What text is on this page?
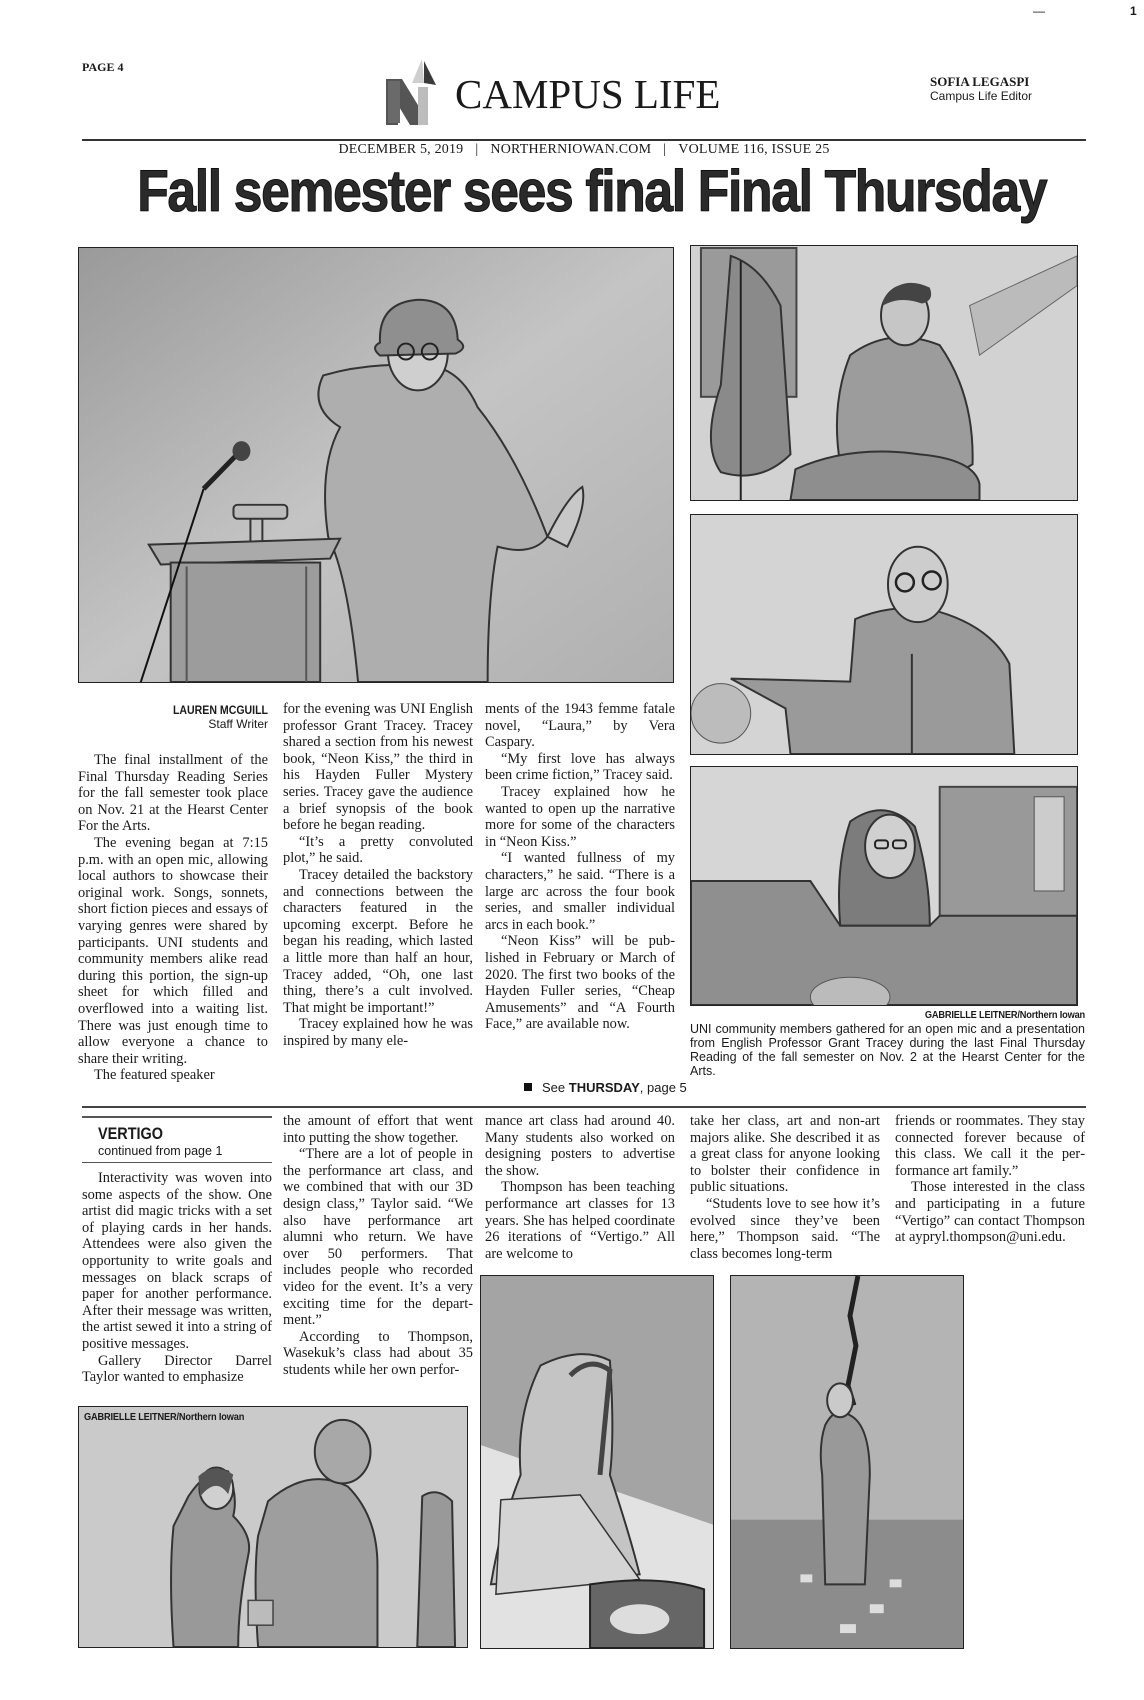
—	1
PAGE 4
CAMPUS LIFE	SOFIA LEGASPI
Campus Life Editor
DECEMBER 5, 2019 | NORTHERNIOWAN.COM | VOLUME 116, ISSUE 25
Fall semester sees final Final Thursday
GABRIELLE LEITNER/Northern Iowan
UNI community members gathered for an open mic and a presentation from English Professor Grant Tracey during the last Final Thursday Reading of the fall semester on Nov. 2 at the Hearst Center for the Arts.
LAUREN MCGUILL
Staff Writer

The final installment of the Final Thursday Reading Series for the fall semester took place on Nov. 21 at the Hearst Center For the Arts.

The evening began at 7:15 p.m. with an open mic, allowing local authors to showcase their original work. Songs, sonnets, short fiction pieces and essays of varying genres were shared by participants. UNI students and community members alike read during this portion, the sign-up sheet for which filled and overflowed into a waiting list. There was just enough time to allow everyone a chance to share their writing.

The featured speaker

for the evening was UNI English professor Grant Tracey. Tracey shared a section from his newest book, “Neon Kiss,” the third in his Hayden Fuller Mystery series. Tracey gave the audience a brief synopsis of the book before he began reading.

“It’s a pretty convoluted plot,” he said.

Tracey detailed the backstory and connections between the characters featured in the upcoming excerpt. Before he began his reading, which lasted a little more than half an hour, Tracey added, “Oh, one last thing, there’s a cult involved. That might be important!”

Tracey explained how he was inspired by many ele-

ments of the 1943 femme fatale novel, “Laura,” by Vera Caspary.

“My first love has always been crime fiction,” Tracey said.

Tracey explained how he wanted to open up the narrative more for some of the characters in “Neon Kiss.”

“I wanted fullness of my characters,” he said. “There is a large arc across the four book series, and smaller individual arcs in each book.”

“Neon Kiss” will be published in February or March of 2020. The first two books of the Hayden Fuller series, “Cheap Amusements” and “A Fourth Face,” are available now.

See THURSDAY, page 5
VERTIGO
continued from page 1

Interactivity was woven into some aspects of the show. One artist did magic tricks with a set of playing cards in her hands. Attendees were also given the opportunity to write goals and messages on black scraps of paper for another performance. After their message was written, the artist sewed it into a string of positive messages.

Gallery Director Darrel Taylor wanted to emphasize

the amount of effort that went into putting the show together.

“There are a lot of people in the performance art class, and we combined that with our 3D design class,” Taylor said. “We also have performance art alumni who return. We have over 50 performers. That includes people who recorded video for the event. It’s a very exciting time for the department.”

According to Thompson, Wasekuk’s class had about 35 students while her own perfor-

mance art class had around 40. Many students also worked on designing posters to advertise the show.

Thompson has been teaching performance art classes for 13 years. She has helped coordinate 26 iterations of “Vertigo.” All are welcome to

take her class, art and non-art majors alike. She described it as a great class for anyone looking to bolster their confidence in public situations.

“Students love to see how it’s evolved since they’ve been here,” Thompson said. “The class becomes long-term

friends or roommates. They stay connected forever because of this class. We call it the performance art family.”

Those interested in the class and participating in a future “Vertigo” can contact Thompson at aypryl.thompson@uni.edu.

GABRIELLE LEITNER/Northern Iowan
